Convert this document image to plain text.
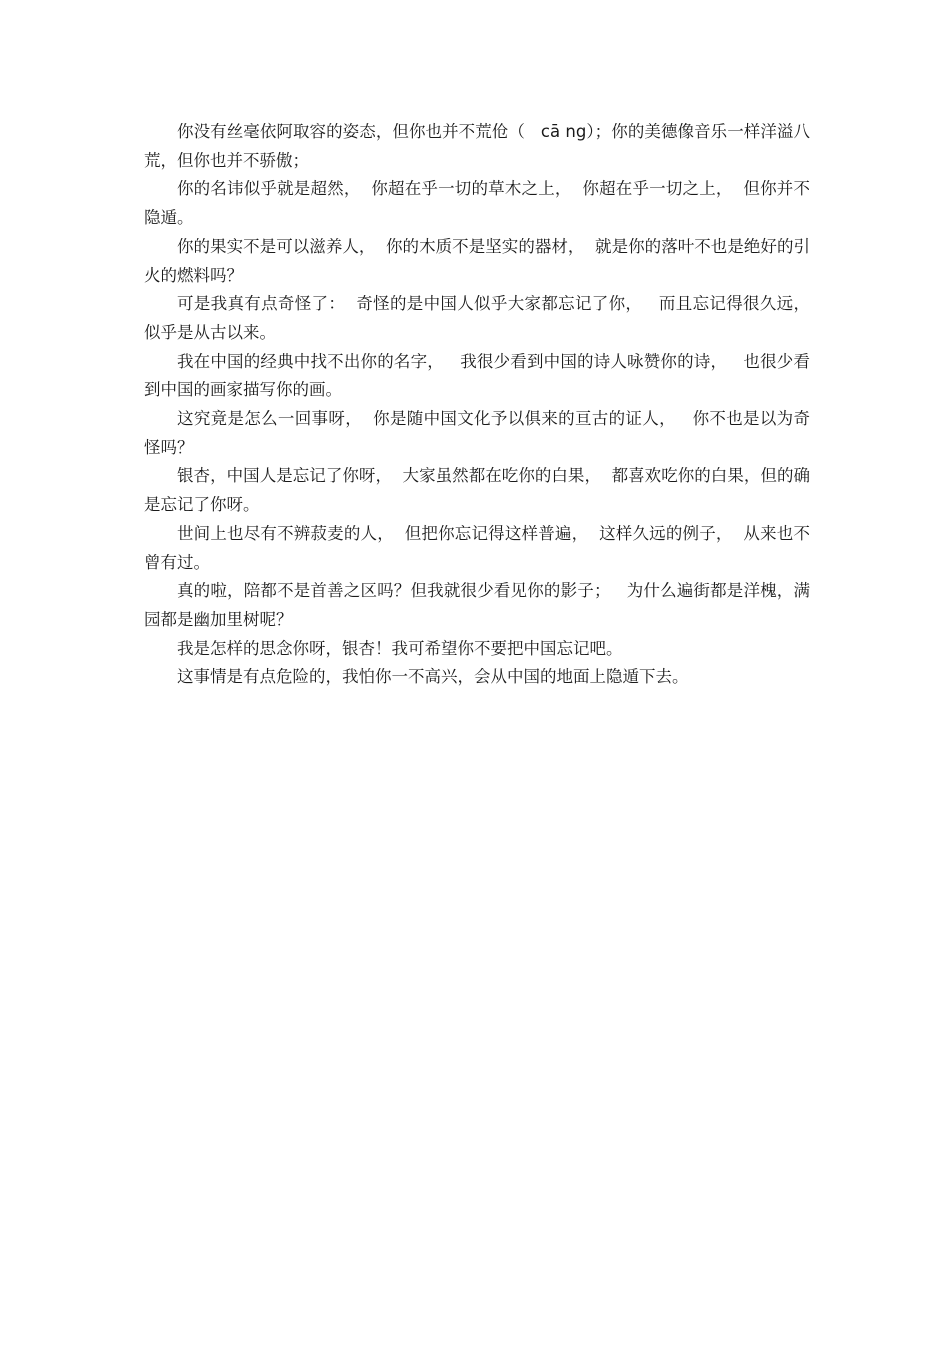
你没有丝毫依阿取容的姿态，但你也并不荒伧（   cā ng）；你的美德像音乐一样洋溢八荒，但你也并不骄傲；

你的名讳似乎就是超然，  你超在乎一切的草木之上，  你超在乎一切之上，  但你并不隐遁。

你的果实不是可以滋养人，  你的木质不是坚实的器材，  就是你的落叶不也是绝好的引火的燃料吗？

可是我真有点奇怪了：  奇怪的是中国人似乎大家都忘记了你，   而且忘记得很久远，似乎是从古以来。

我在中国的经典中找不出你的名字，   我很少看到中国的诗人咏赞你的诗，   也很少看到中国的画家描写你的画。

这究竟是怎么一回事呀，  你是随中国文化予以俱来的亘古的证人，   你不也是以为奇怪吗？

银杏，中国人是忘记了你呀，  大家虽然都在吃你的白果，  都喜欢吃你的白果，但的确是忘记了你呀。

世间上也尽有不辨菽麦的人，  但把你忘记得这样普遍，  这样久远的例子，  从来也不曾有过。

真的啦，陪都不是首善之区吗？但我就很少看见你的影子；   为什么遍街都是洋槐，满园都是幽加里树呢？

我是怎样的思念你呀，银杏！我可希望你不要把中国忘记吧。

这事情是有点危险的，我怕你一不高兴，会从中国的地面上隐遁下去。
